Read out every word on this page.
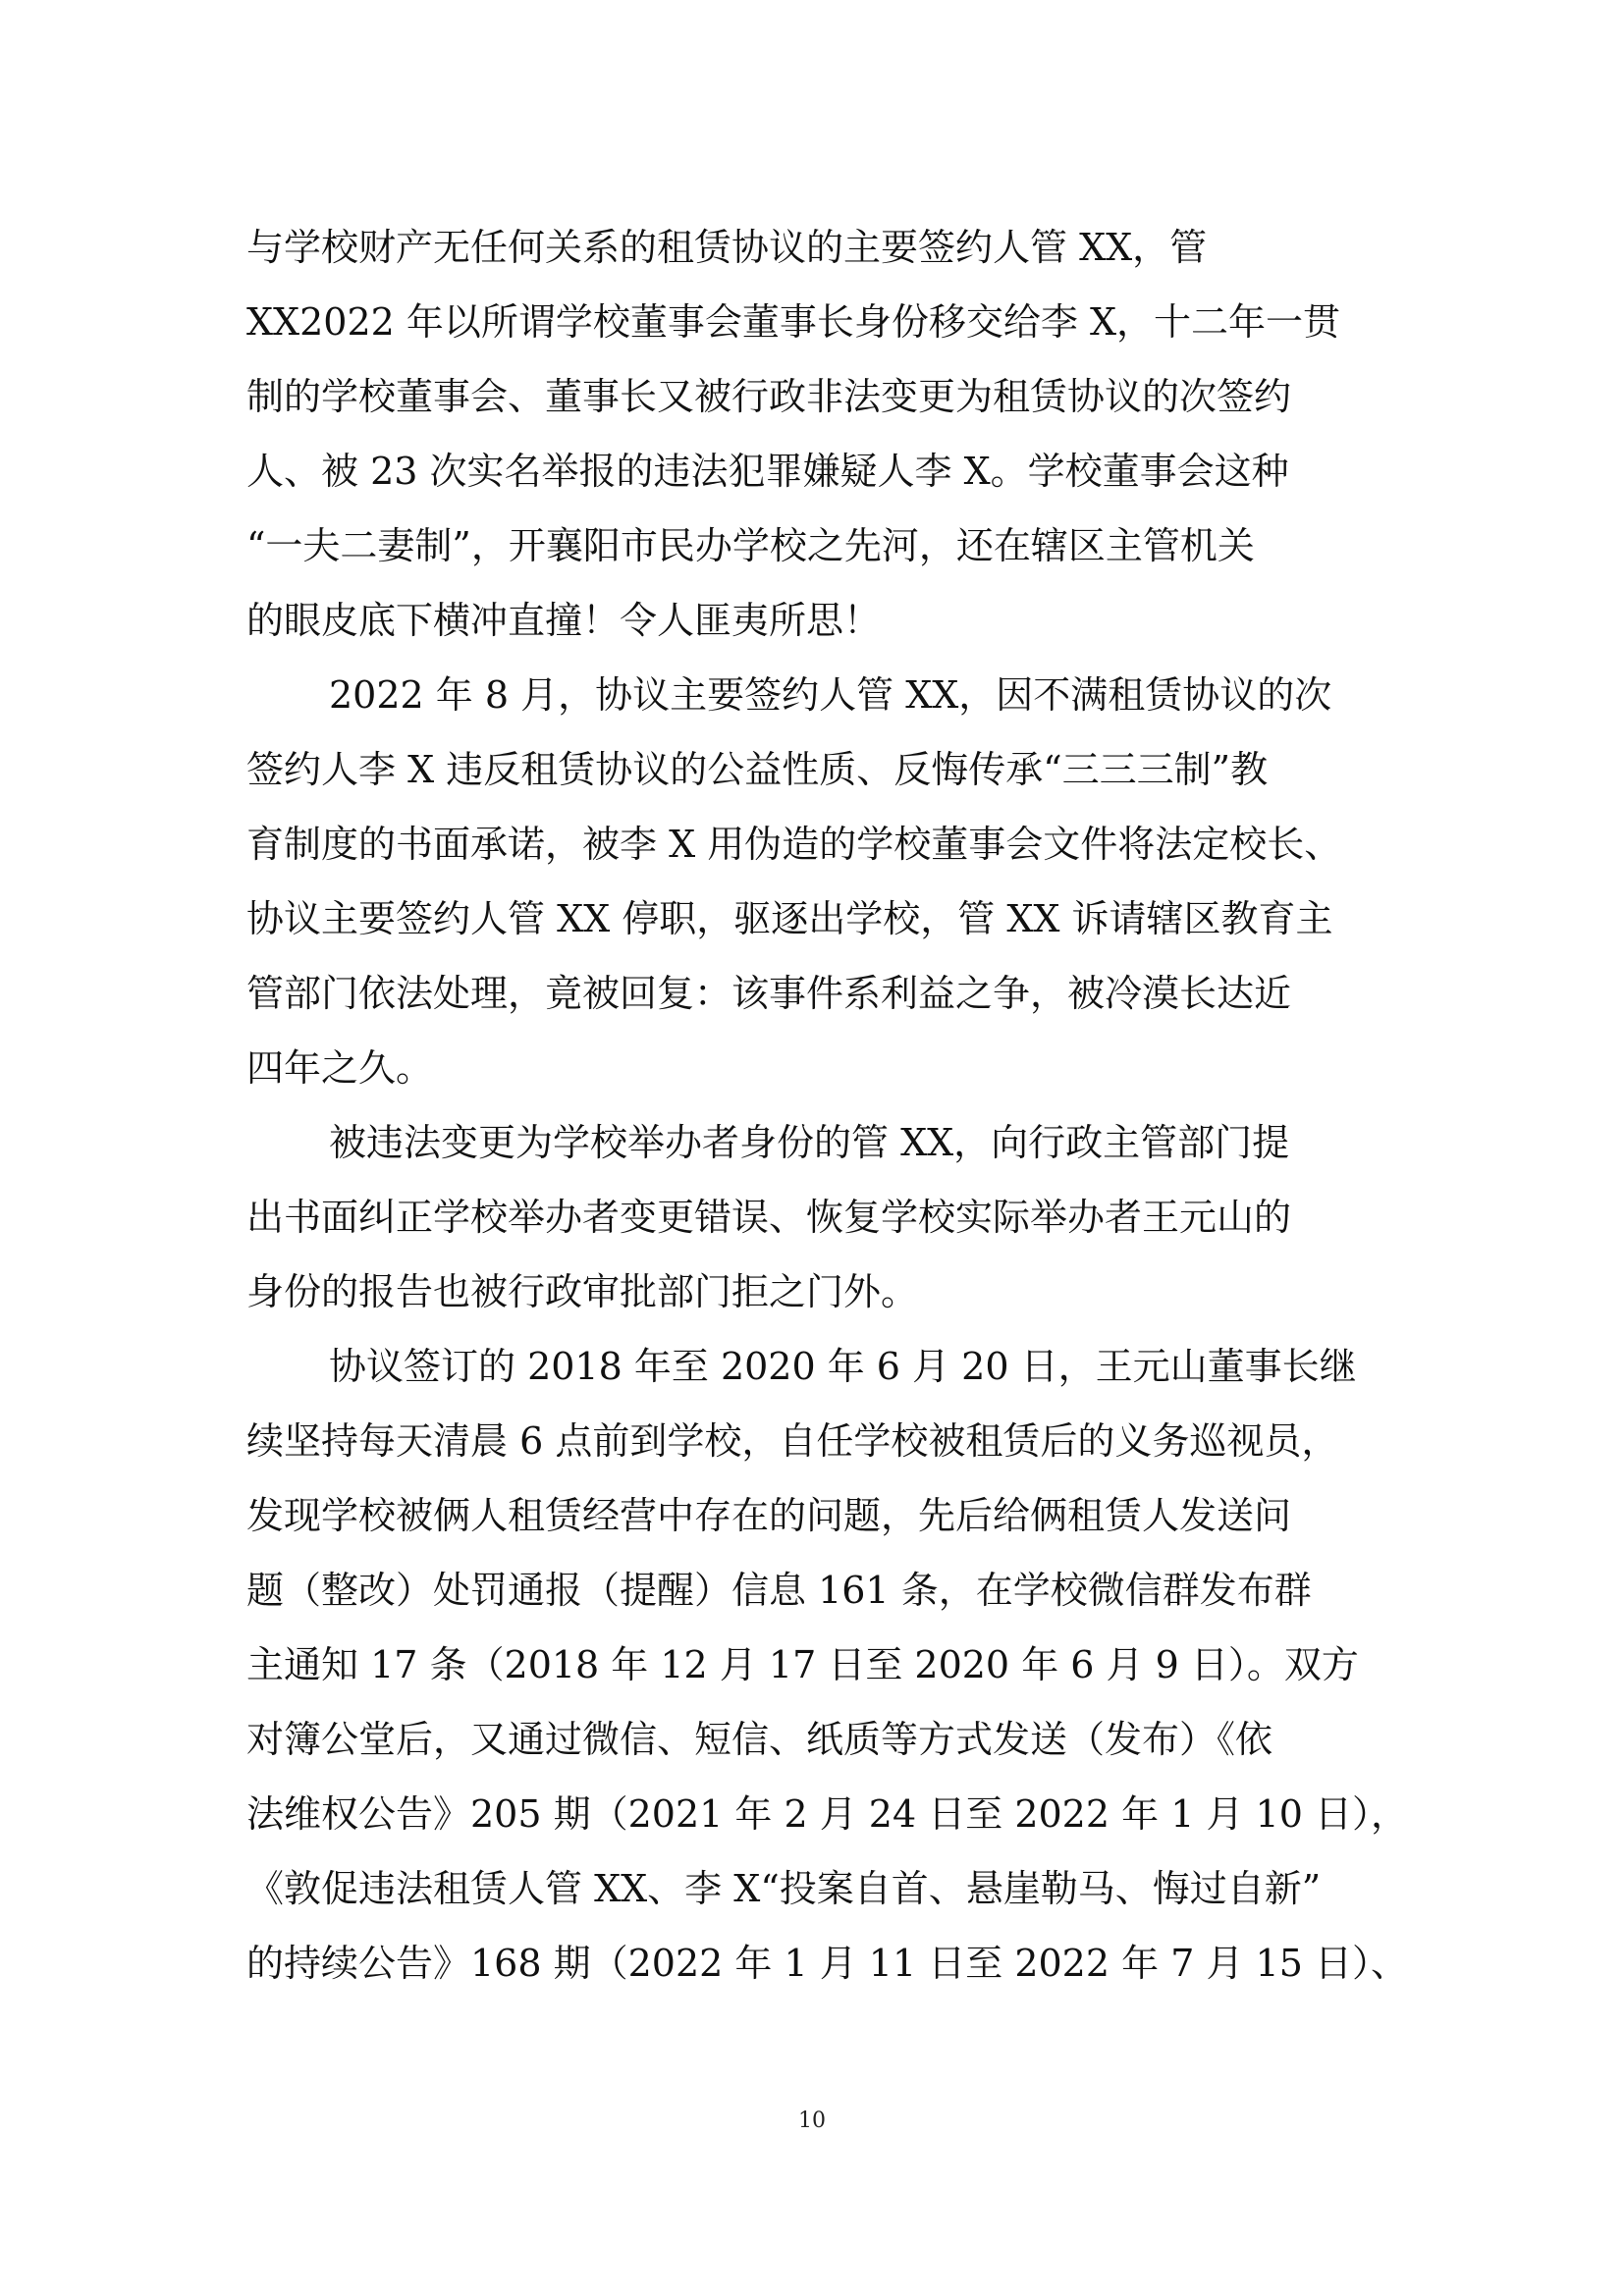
与学校财产无任何关系的租赁协议的主要签约人管 XX，管
XX2022 年以所谓学校董事会董事长身份移交给李 X，十二年一贯
制的学校董事会、董事长又被行政非法变更为租赁协议的次签约
人、被 23 次实名举报的违法犯罪嫌疑人李 X。学校董事会这种
“一夫二妻制”，开襄阳市民办学校之先河，还在辖区主管机关
的眼皮底下横冲直撞！令人匪夷所思！
2022 年 8 月，协议主要签约人管 XX，因不满租赁协议的次
签约人李 X 违反租赁协议的公益性质、反悔传承“三三三制”教
育制度的书面承诺，被李 X 用伪造的学校董事会文件将法定校长、
协议主要签约人管 XX 停职，驱逐出学校，管 XX 诉请辖区教育主
管部门依法处理，竟被回复：该事件系利益之争，被冷漠长达近
四年之久。
被违法变更为学校举办者身份的管 XX，向行政主管部门提
出书面纠正学校举办者变更错误、恢复学校实际举办者王元山的
身份的报告也被行政审批部门拒之门外。
协议签订的 2018 年至 2020 年 6 月 20 日，王元山董事长继
续坚持每天清晨 6 点前到学校，自任学校被租赁后的义务巡视员，
发现学校被俩人租赁经营中存在的问题，先后给俩租赁人发送问
题（整改）处罚通报（提醒）信息 161 条，在学校微信群发布群
主通知 17 条（2018 年 12 月 17 日至 2020 年 6 月 9 日）。双方
对簿公堂后，又通过微信、短信、纸质等方式发送（发布）《依
法维权公告》205 期（2021 年 2 月 24 日至 2022 年 1 月 10 日），
《敦促违法租赁人管 XX、李 X“投案自首、悬崖勒马、悔过自新”
的持续公告》168 期（2022 年 1 月 11 日至 2022 年 7 月 15 日）、
10
